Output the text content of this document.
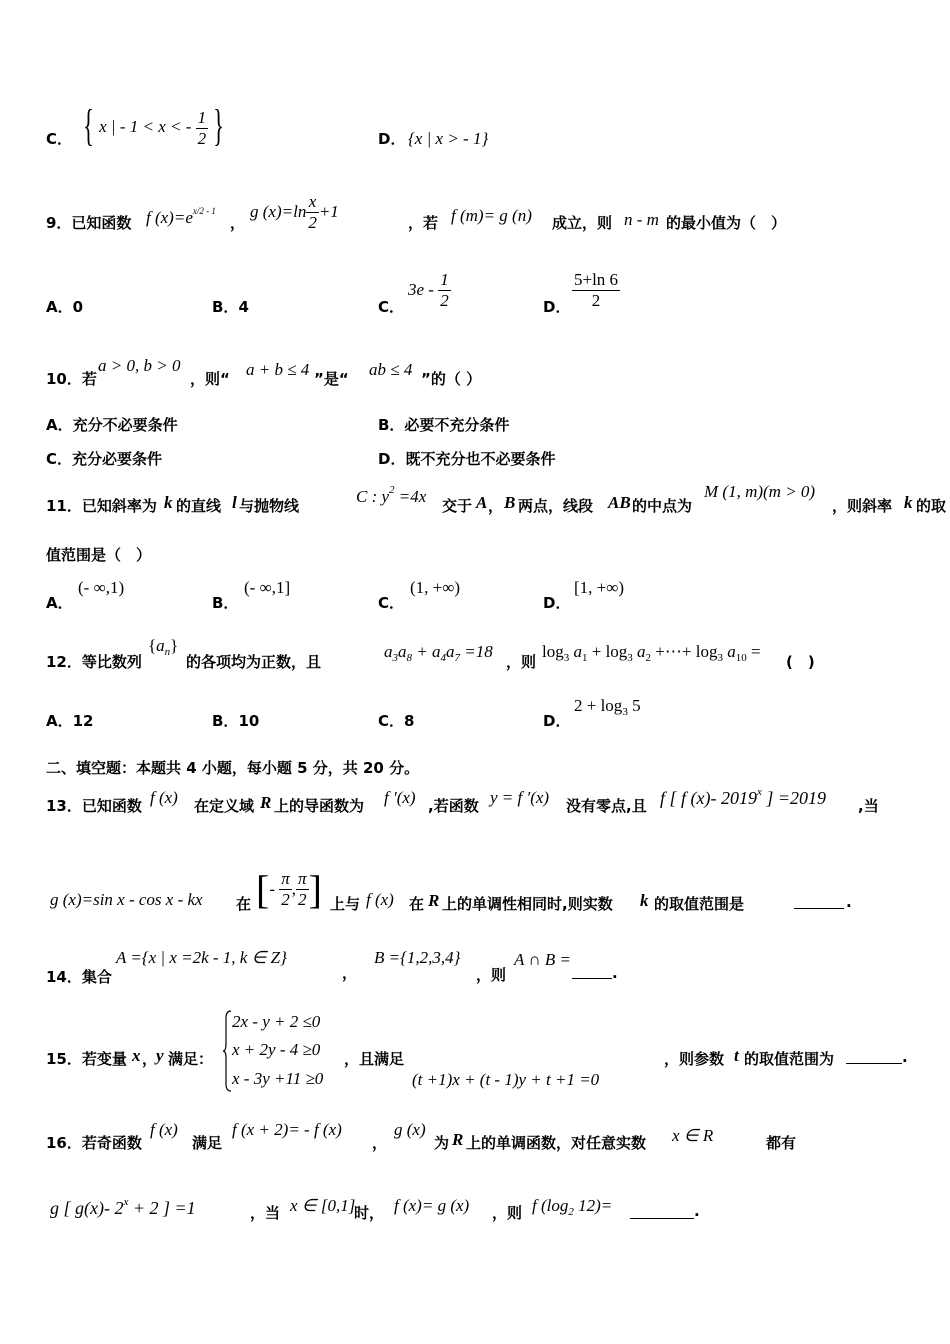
C． { x | - 1 < x < - $\frac{1}{2}$ }	D． {x | x > - 1}
9．已知函数 f $(x)=e^{x/2 - 1}$
，
g $(x)=\ln \frac{x}{2} +1$
，若 f (m)= g (n) 成立，则 n - m 的最小值为（　）
A．0	B．4	C．
$3e - \frac{1}{2}$	D． $\frac{5+\ln 6}{2}$
10．若
a > 0, b > 0
，则“ a + b ≤ 4 ”是“ ab ≤ 4 ”的（ ）
A．充分不必要条件	B．必要不充分条件
C．充分必要条件	D．既不充分也不必要条件
11．已知斜率为 k 的直线 l 与抛物线	C : $y^2 =4x$ 交于 A ， B 两点，线段 AB 的中点为
M (1, m)(m > 0)
，则斜率 k 的取
值范围是（　）
A．
(- ∞,1)
B．
(- ∞,1]
C．
(1, +∞)
D．
[1, +∞)
12．等比数列
$\{a_n\}$
的各项均为正数，且
$a_3a_8 + a_4a_7 =18$
，则
$\log_3 a_1 + \log_3 a_2$ +⋯+ $\log_3 a_{10}$ =
(　)
A．12	B．10	C．8	D．
$2 + \log_3 5$
二、填空题：本题共 4 小题，每小题 5 分，共 20 分。
13．已知函数 f (x) 在定义域 R 上的导函数为 f ′(x) ,若函数 y = f ′(x) 没有零点,且 f [ f (x)- 2019$^x$ ] =2019 ,当
g (x)=sin x - cos x - kx 在 [- $\frac{\pi}{2}$ , $\frac{\pi}{2}$ ] 上与 f (x) 在 R 上的单调性相同时,则实数 k 的取值范围是	.
14．集合
A ={x | x =2k - 1, k ∈ Z}
，
B ={1,2,3,4}
，则
A ∩ B =
.
15．若变量 x ，
y 满足：
2x - y + 2 ≤0
x + 2y - 4 ≥0
x - 3y +11 ≥0
，且满足
(t +1)x + (t - 1)y + t +1 =0
，则参数 t 的取值范围为	.
16．若奇函数
f (x)
满足
f (x + 2)= - f (x)
，
g (x)
为 R 上的单调函数，对任意实数 x ∈ R	都有
g [ g(x)- $2^x + 2$ ] =1	，当 x ∈ [0,1]
时， f (x)= g (x) ，则 f ($\log_2$ 12)=	.
